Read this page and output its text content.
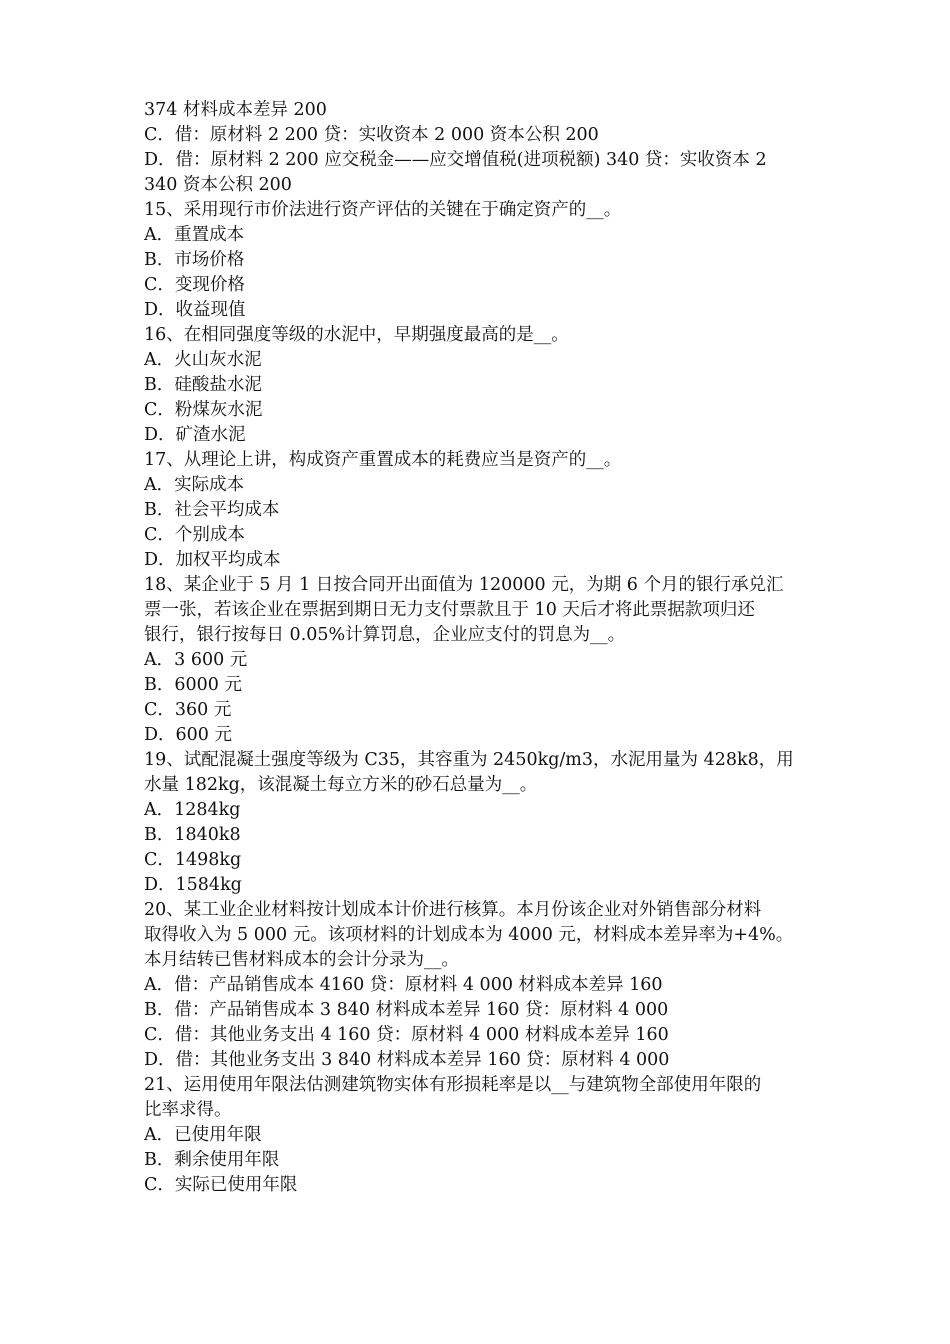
374 材料成本差异 200
C．借：原材料 2 200 贷：实收资本 2 000 资本公积 200
D．借：原材料 2 200 应交税金——应交增值税(进项税额) 340 贷：实收资本 2
340 资本公积 200
15、采用现行市价法进行资产评估的关键在于确定资产的__。
A．重置成本
B．市场价格
C．变现价格
D．收益现值
16、在相同强度等级的水泥中，早期强度最高的是__。
A．火山灰水泥
B．硅酸盐水泥
C．粉煤灰水泥
D．矿渣水泥
17、从理论上讲，构成资产重置成本的耗费应当是资产的__。
A．实际成本
B．社会平均成本
C．个别成本
D．加权平均成本
18、某企业于 5 月 1 日按合同开出面值为 120000 元，为期 6 个月的银行承兑汇
票一张，若该企业在票据到期日无力支付票款且于 10 天后才将此票据款项归还
银行，银行按每日 0.05%计算罚息，企业应支付的罚息为__。
A．3 600 元
B．6000 元
C．360 元
D．600 元
19、试配混凝土强度等级为 C35，其容重为 2450kg/m3，水泥用量为 428k8，用
水量 182kg，该混凝土每立方米的砂石总量为__。
A．1284kg
B．1840k8
C．1498kg
D．1584kg
20、某工业企业材料按计划成本计价进行核算。本月份该企业对外销售部分材料
取得收入为 5 000 元。该项材料的计划成本为 4000 元，材料成本差异率为+4%。
本月结转已售材料成本的会计分录为__。
A．借：产品销售成本 4160 贷：原材料 4 000 材料成本差异 160
B．借：产品销售成本 3 840 材料成本差异 160 贷：原材料 4 000
C．借：其他业务支出 4 160 贷：原材料 4 000 材料成本差异 160
D．借：其他业务支出 3 840 材料成本差异 160 贷：原材料 4 000
21、运用使用年限法估测建筑物实体有形损耗率是以__与建筑物全部使用年限的
比率求得。
A．已使用年限
B．剩余使用年限
C．实际已使用年限
